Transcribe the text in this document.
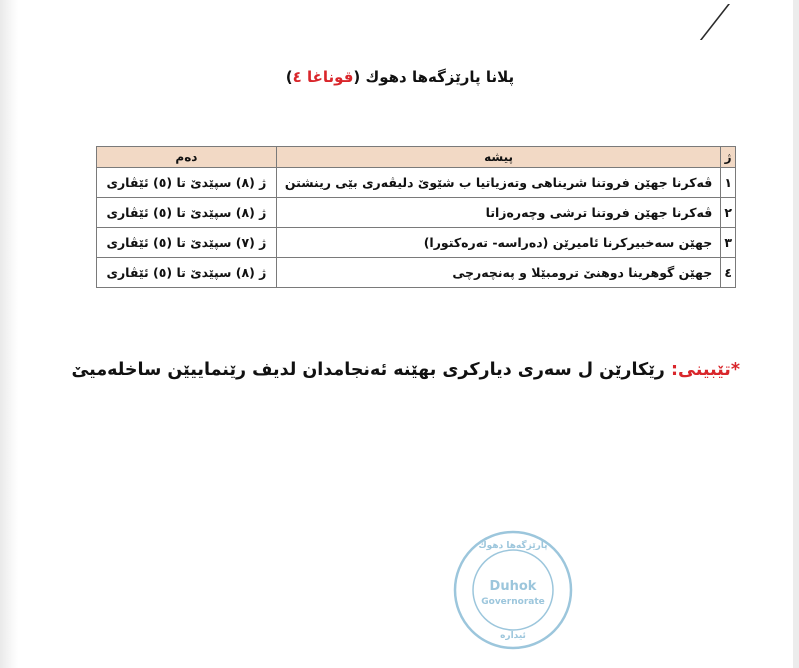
پلانا پارێزگەها دهوك (قوناغا ٤)
ژ	پیشە	دەم
١	ڤەکرنا جهێن فروتنا شریناهی وتەزیاتیا ب شێوێ دلیڤەری بێی رینشتن	ژ (٨) سپێدێ تا (٥) ئێڤاری
٢	ڤەکرنا جهێن فروتنا ترشی وچەرەزاتا	ژ (٨) سپێدێ تا (٥) ئێڤاری
٣	جهێن سەخبیرکرنا ئامیرێن (دەراسە- تەرەکتورا)	ژ (٧) سپێدێ تا (٥) ئێڤاری
٤	جهێن گوهرینا دوهنێ ترومبێلا و پەنچەرچی	ژ (٨) سپێدێ تا (٥) ئێڤاری
*تێبینی: رێکارێن ل سەری دیارکری بهێنە ئەنجامدان لدیف رێنماییێن ساخلەمیێ
پارێزگەها دهوك
Duhok
Governorate
ئيداره
